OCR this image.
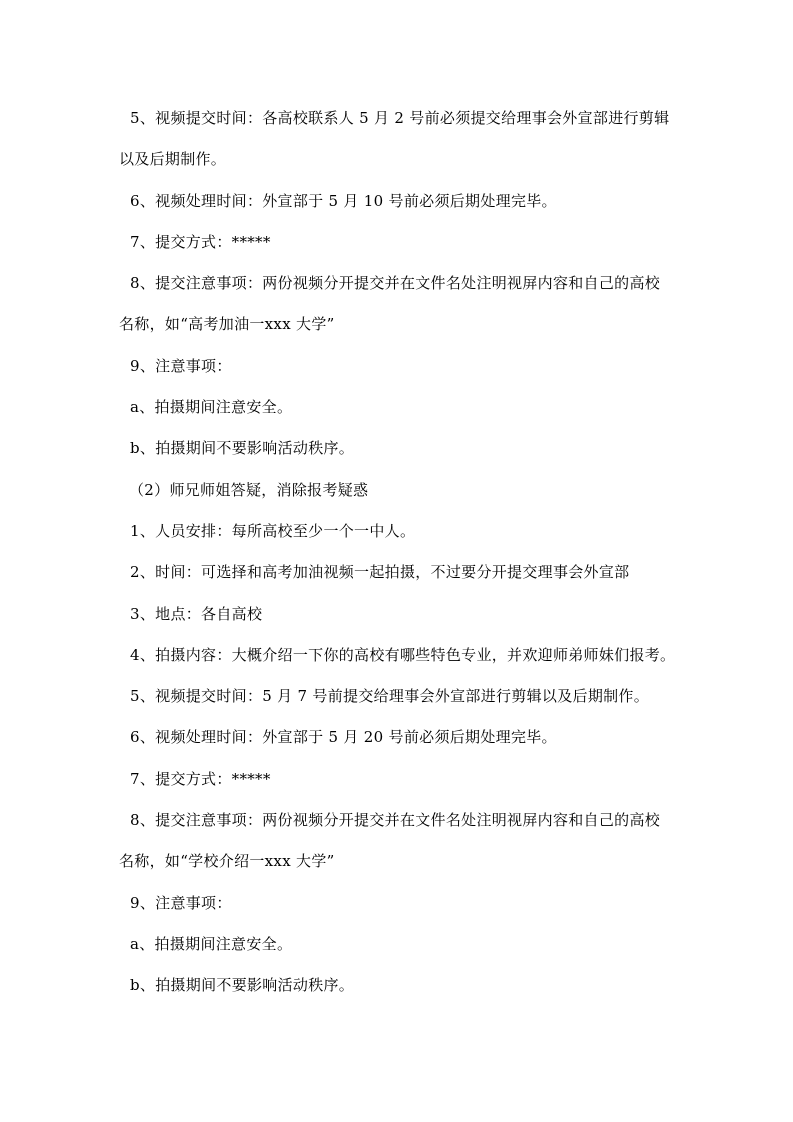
5、视频提交时间：各高校联系人 5 月 2 号前必须提交给理事会外宣部进行剪辑
以及后期制作。
6、视频处理时间：外宣部于 5 月 10 号前必须后期处理完毕。
7、提交方式：*****
8、提交注意事项：两份视频分开提交并在文件名处注明视屏内容和自己的高校
名称，如“高考加油一xxx 大学”
9、注意事项：
a、拍摄期间注意安全。
b、拍摄期间不要影响活动秩序。
（2）师兄师姐答疑，消除报考疑惑
1、人员安排：每所高校至少一个一中人。
2、时间：可选择和高考加油视频一起拍摄，不过要分开提交理事会外宣部
3、地点：各自高校
4、拍摄内容：大概介绍一下你的高校有哪些特色专业，并欢迎师弟师妹们报考。
5、视频提交时间：5 月 7 号前提交给理事会外宣部进行剪辑以及后期制作。
6、视频处理时间：外宣部于 5 月 20 号前必须后期处理完毕。
7、提交方式：*****
8、提交注意事项：两份视频分开提交并在文件名处注明视屏内容和自己的高校
名称，如“学校介绍一xxx 大学”
9、注意事项：
a、拍摄期间注意安全。
b、拍摄期间不要影响活动秩序。
